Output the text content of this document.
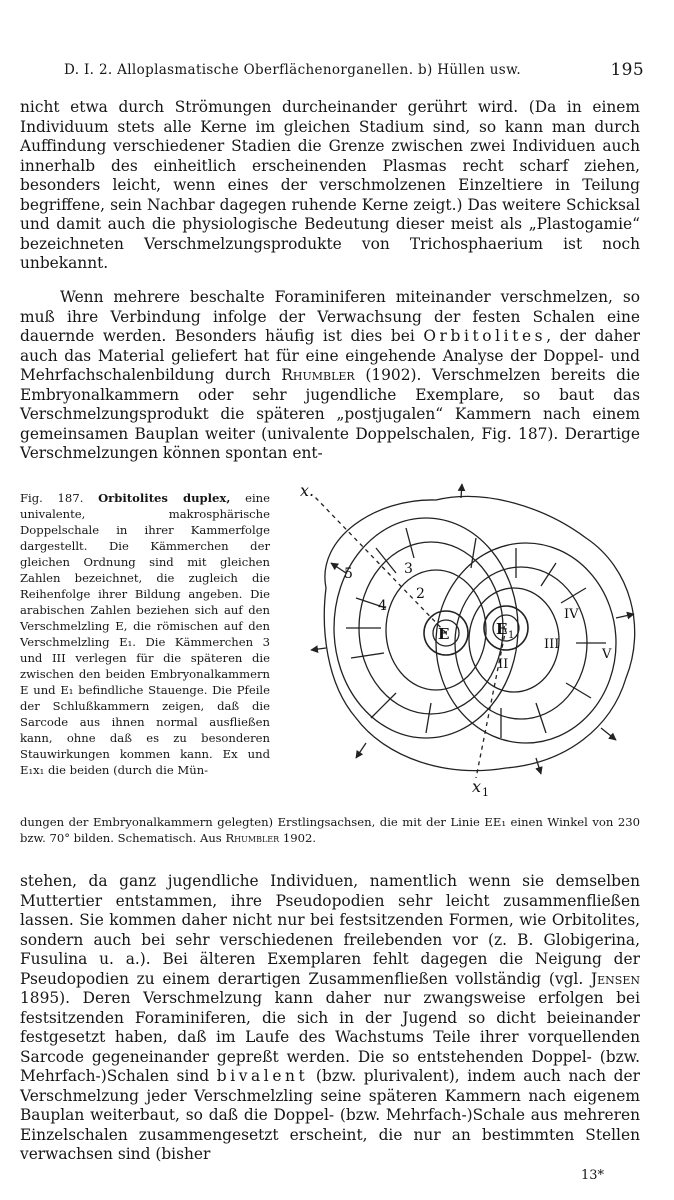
D. I. 2. Alloplasmatische Oberflächenorganellen. b) Hüllen usw.	195

nicht etwa durch Strömungen durcheinander gerührt wird. (Da in einem Individuum stets alle Kerne im gleichen Stadium sind, so kann man durch Auffindung verschiedener Stadien die Grenze zwischen zwei Individuen auch innerhalb des einheitlich erscheinenden Plasmas recht scharf ziehen, besonders leicht, wenn eines der verschmolzenen Einzeltiere in Teilung begriffene, sein Nachbar dagegen ruhende Kerne zeigt.) Das weitere Schicksal und damit auch die physiologische Bedeutung dieser meist als „Plastogamie“ bezeichneten Verschmelzungsprodukte von Trichosphaerium ist noch unbekannt.

Wenn mehrere beschalte Foraminiferen miteinander verschmelzen, so muß ihre Verbindung infolge der Verwachsung der festen Schalen eine dauernde werden. Besonders häufig ist dies bei Orbitolites, der daher auch das Material geliefert hat für eine eingehende Analyse der Doppel- und Mehrfachschalenbildung durch Rhumbler (1902). Verschmelzen bereits die Embryonalkammern oder sehr jugendliche Exemplare, so baut das Verschmelzungsprodukt die späteren „postjugalen“ Kammern nach einem gemeinsamen Bauplan weiter (univalente Doppelschalen, Fig. 187). Derartige Verschmelzungen können spontan ent-

Fig. 187. Orbitolites duplex, eine univalente, makrosphärische Doppelschale in ihrer Kammerfolge dargestellt. Die Kämmerchen der gleichen Ordnung sind mit gleichen Zahlen bezeichnet, die zugleich die Reihenfolge ihrer Bildung angeben. Die arabischen Zahlen beziehen sich auf den Verschmelzling E, die römischen auf den Verschmelzling E₁. Die Kämmerchen 3 und III verlegen für die späteren die zwischen den beiden Embryonalkammern E und E₁ befindliche Stauenge. Die Pfeile der Schlußkammern zeigen, daß die Sarcode aus ihnen normal ausfließen kann, ohne daß es zu besonderen Stauwirkungen kommen kann. Ex und E₁x₁ die beiden (durch die Mün-

x.
x 1
E	E 1
2
3
4
5
II
III
IV
V

dungen der Embryonalkammern gelegten) Erstlingsachsen, die mit der Linie EE₁ einen Winkel von 230 bzw. 70° bilden. Schematisch. Aus Rhumbler 1902.

stehen, da ganz jugendliche Individuen, namentlich wenn sie demselben Muttertier entstammen, ihre Pseudopodien sehr leicht zusammenfließen lassen. Sie kommen daher nicht nur bei festsitzenden Formen, wie Orbitolites, sondern auch bei sehr verschiedenen freilebenden vor (z. B. Globigerina, Fusulina u. a.). Bei älteren Exemplaren fehlt dagegen die Neigung der Pseudopodien zu einem derartigen Zusammenfließen vollständig (vgl. Jensen 1895). Deren Verschmelzung kann daher nur zwangsweise erfolgen bei festsitzenden Foraminiferen, die sich in der Jugend so dicht beieinander festgesetzt haben, daß im Laufe des Wachstums Teile ihrer vorquellenden Sarcode gegeneinander gepreßt werden. Die so entstehenden Doppel- (bzw. Mehrfach-)Schalen sind bivalent (bzw. plurivalent), indem auch nach der Verschmelzung jeder Verschmelzling seine späteren Kammern nach eigenem Bauplan weiterbaut, so daß die Doppel- (bzw. Mehrfach-)Schale aus mehreren Einzelschalen zusammengesetzt erscheint, die nur an bestimmten Stellen verwachsen sind (bisher

13*
